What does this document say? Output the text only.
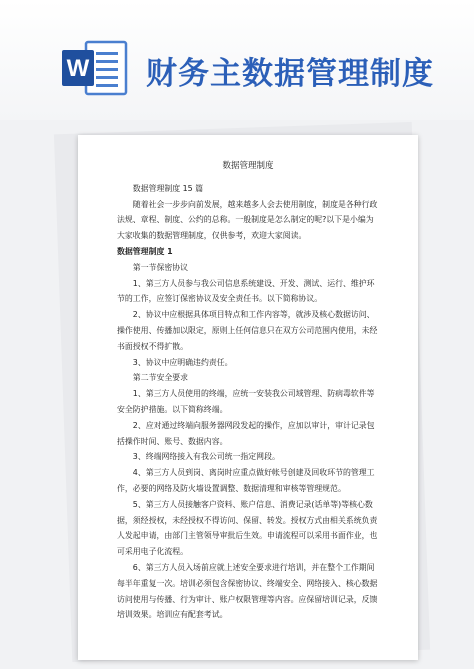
W 财务主数据管理制度
数据管理制度

数据管理制度 15 篇

随着社会一步步向前发展，越来越多人会去使用制度，制度是各种行政法规、章程、制度、公约的总称。一般制度是怎么制定的呢?以下是小编为大家收集的数据管理制度，仅供参考，欢迎大家阅读。

数据管理制度 1

第一节保密协议

1、第三方人员参与我公司信息系统建设、开发、测试、运行、维护环节的工作，应签订保密协议及安全责任书。以下简称协议。

2、协议中应根据具体项目特点和工作内容等，就涉及核心数据访问、操作使用、传播加以限定，原则上任何信息只在双方公司范围内使用，未经书面授权不得扩散。

3、协议中应明确违约责任。

第二节安全要求

1、第三方人员使用的终端，应统一安装我公司域管理、防病毒软件等安全防护措施。以下简称终端。

2、应对通过终端向服务器网段发起的操作，应加以审计，审计记录包括操作时间、账号、数据内容。

3、终端网络接入有我公司统一指定网段。

4、第三方人员到岗、离岗时应重点做好帐号创建及回收环节的管理工作，必要的网络及防火墙设置调整、数据清理和审核等管理规范。

5、第三方人员接触客户资料、账户信息、消费记录(话单等)等核心数据，须经授权，未经授权不得访问、保留、转发。授权方式由相关系统负责人发起申请，由部门主管领导审批后生效。申请流程可以采用书面作业，也可采用电子化流程。

6、第三方人员入场前应就上述安全要求进行培训，并在整个工作期间每半年重复一次。培训必须包含保密协议、终端安全、网络接入、核心数据访问使用与传播、行为审计、账户权限管理等内容。应保留培训记录，反馈培训效果。培训应有配套考试。
